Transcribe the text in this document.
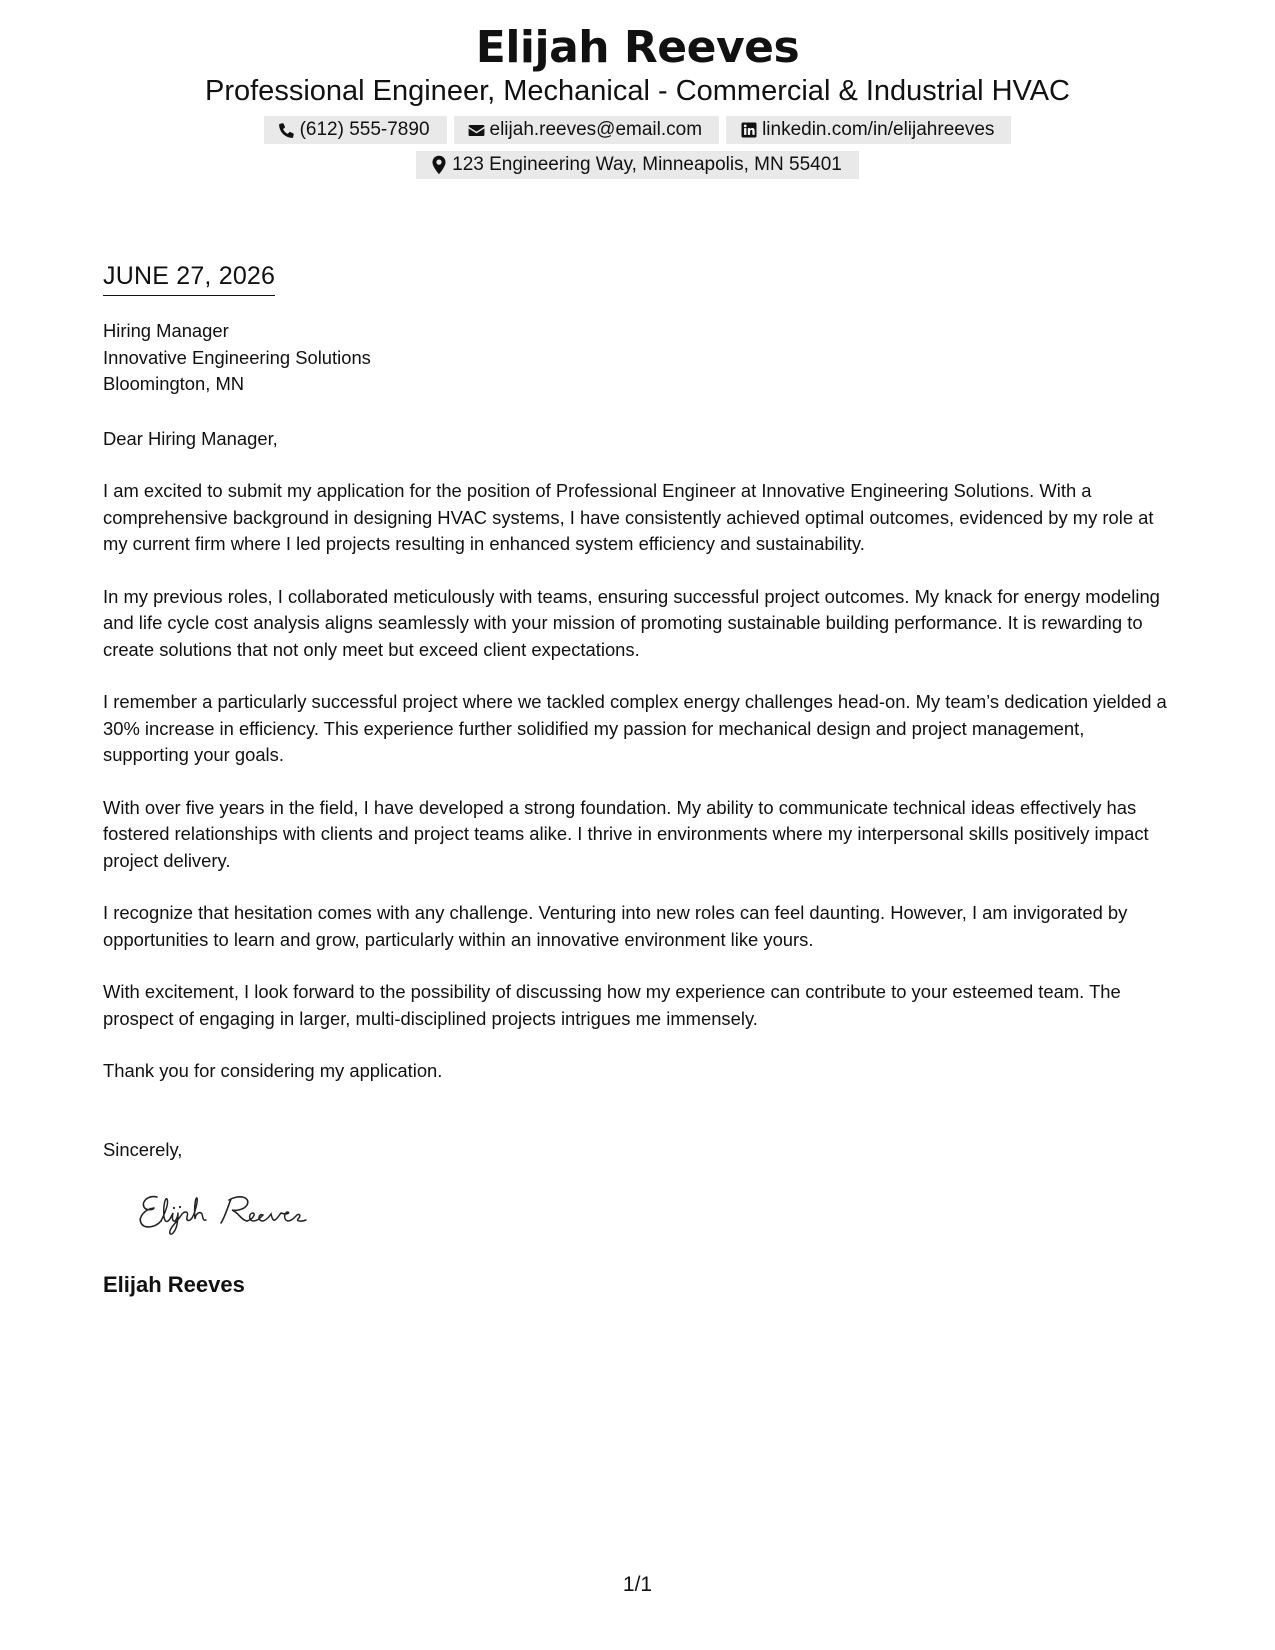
Elijah Reeves

Professional Engineer, Mechanical - Commercial & Industrial HVAC

(612) 555-7890	elijah.reeves@email.com	linkedin.com/in/elijahreeves
123 Engineering Way, Minneapolis, MN 55401
JUNE 27, 2026
Hiring Manager
Innovative Engineering Solutions
Bloomington, MN
Dear Hiring Manager,
I am excited to submit my application for the position of Professional Engineer at Innovative Engineering Solutions. With a comprehensive background in designing HVAC systems, I have consistently achieved optimal outcomes, evidenced by my role at my current firm where I led projects resulting in enhanced system efficiency and sustainability.
In my previous roles, I collaborated meticulously with teams, ensuring successful project outcomes. My knack for energy modeling and life cycle cost analysis aligns seamlessly with your mission of promoting sustainable building performance. It is rewarding to create solutions that not only meet but exceed client expectations.
I remember a particularly successful project where we tackled complex energy challenges head-on. My team’s dedication yielded a 30% increase in efficiency. This experience further solidified my passion for mechanical design and project management, supporting your goals.
With over five years in the field, I have developed a strong foundation. My ability to communicate technical ideas effectively has fostered relationships with clients and project teams alike. I thrive in environments where my interpersonal skills positively impact project delivery.
I recognize that hesitation comes with any challenge. Venturing into new roles can feel daunting. However, I am invigorated by opportunities to learn and grow, particularly within an innovative environment like yours.
With excitement, I look forward to the possibility of discussing how my experience can contribute to your esteemed team. The prospect of engaging in larger, multi-disciplined projects intrigues me immensely.
Thank you for considering my application.
Sincerely,
Elijah Reeves
1/1
